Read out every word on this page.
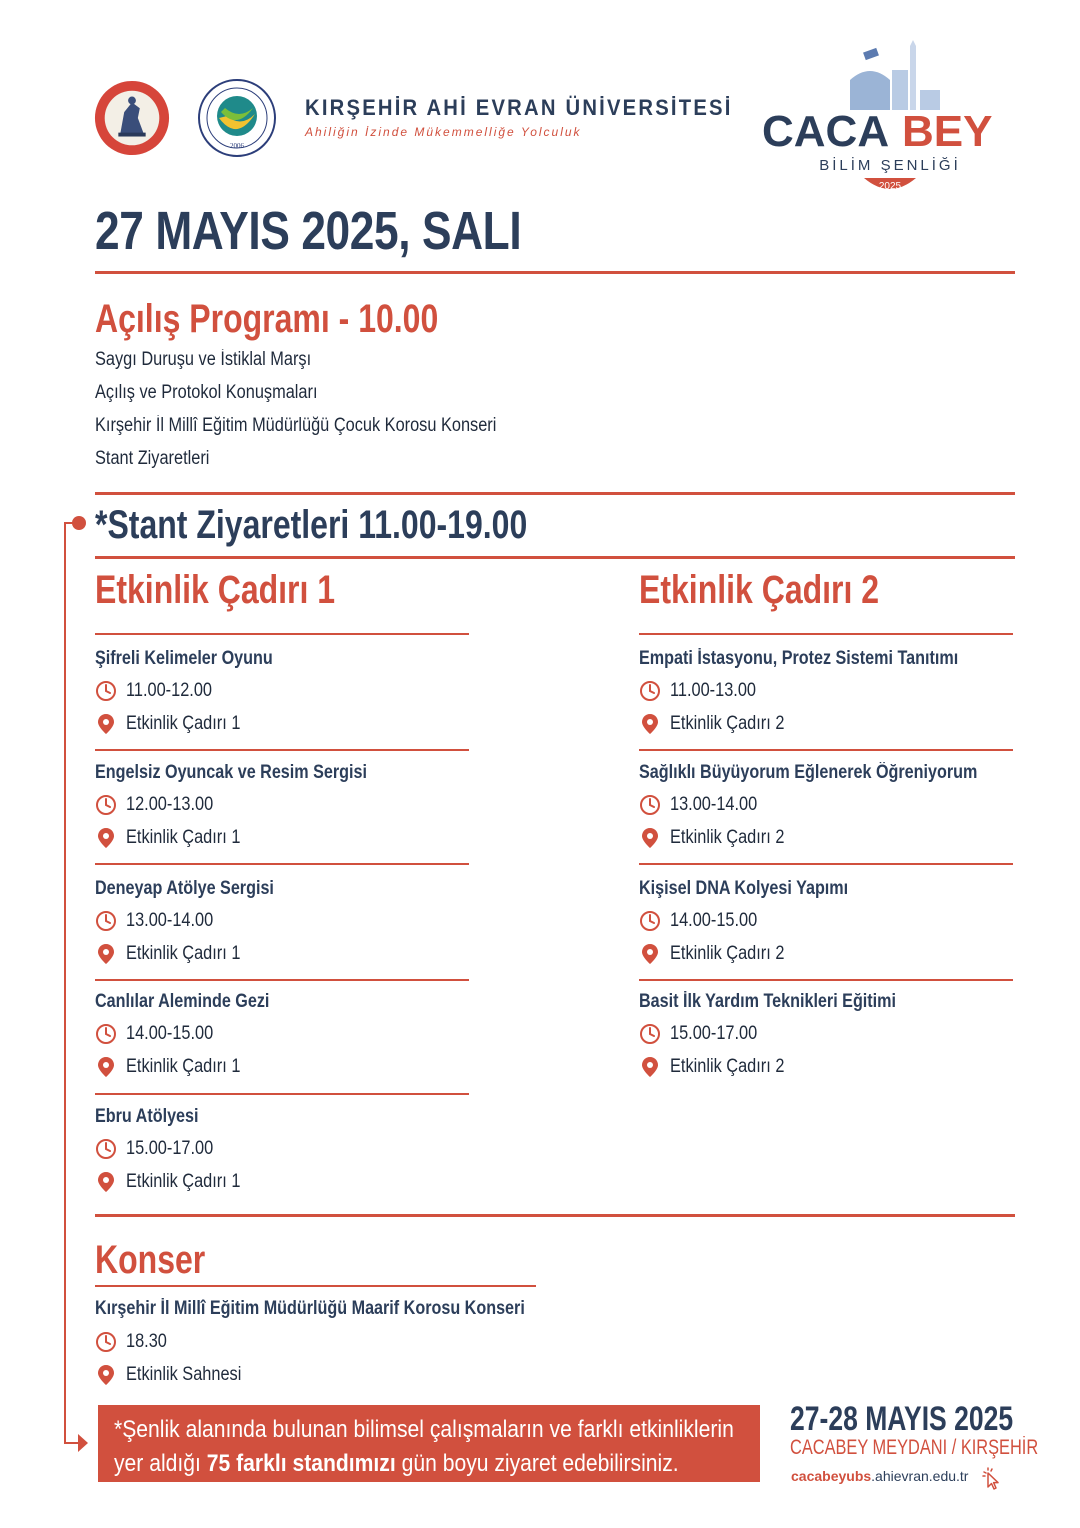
2006
KIRŞEHİR AHİ EVRAN ÜNİVERSİTESİ
Ahiliğin İzinde Mükemmelliğe Yolculuk	CACA BEY
BİLİM ŞENLİĞİ
2025
27 MAYIS 2025, SALI
Açılış Programı - 10.00
Saygı Duruşu ve İstiklal Marşı
Açılış ve Protokol Konuşmaları
Kırşehir İl Millî Eğitim Müdürlüğü Çocuk Korosu Konseri
Stant Ziyaretleri
*Stant Ziyaretleri 11.00-19.00
Etkinlik Çadırı 1
Şifreli Kelimeler Oyunu
11.00-12.00
Etkinlik Çadırı 1
Engelsiz Oyuncak ve Resim Sergisi
12.00-13.00
Etkinlik Çadırı 1
Deneyap Atölye Sergisi
13.00-14.00
Etkinlik Çadırı 1
Canlılar Aleminde Gezi
14.00-15.00
Etkinlik Çadırı 1
Ebru Atölyesi
15.00-17.00
Etkinlik Çadırı 1
Etkinlik Çadırı 2
Empati İstasyonu, Protez Sistemi Tanıtımı
11.00-13.00
Etkinlik Çadırı 2
Sağlıklı Büyüyorum Eğlenerek Öğreniyorum
13.00-14.00
Etkinlik Çadırı 2
Kişisel DNA Kolyesi Yapımı
14.00-15.00
Etkinlik Çadırı 2
Basit İlk Yardım Teknikleri Eğitimi
15.00-17.00
Etkinlik Çadırı 2
Konser
Kırşehir İl Millî Eğitim Müdürlüğü Maarif Korosu Konseri
18.30
Etkinlik Sahnesi
*Şenlik alanında bulunan bilimsel çalışmaların ve farklı etkinliklerin
yer aldığı 75 farklı standımızı gün boyu ziyaret edebilirsiniz.
27-28 MAYIS 2025
CACABEY MEYDANI / KIRŞEHİR
cacabeyubs.ahievran.edu.tr
